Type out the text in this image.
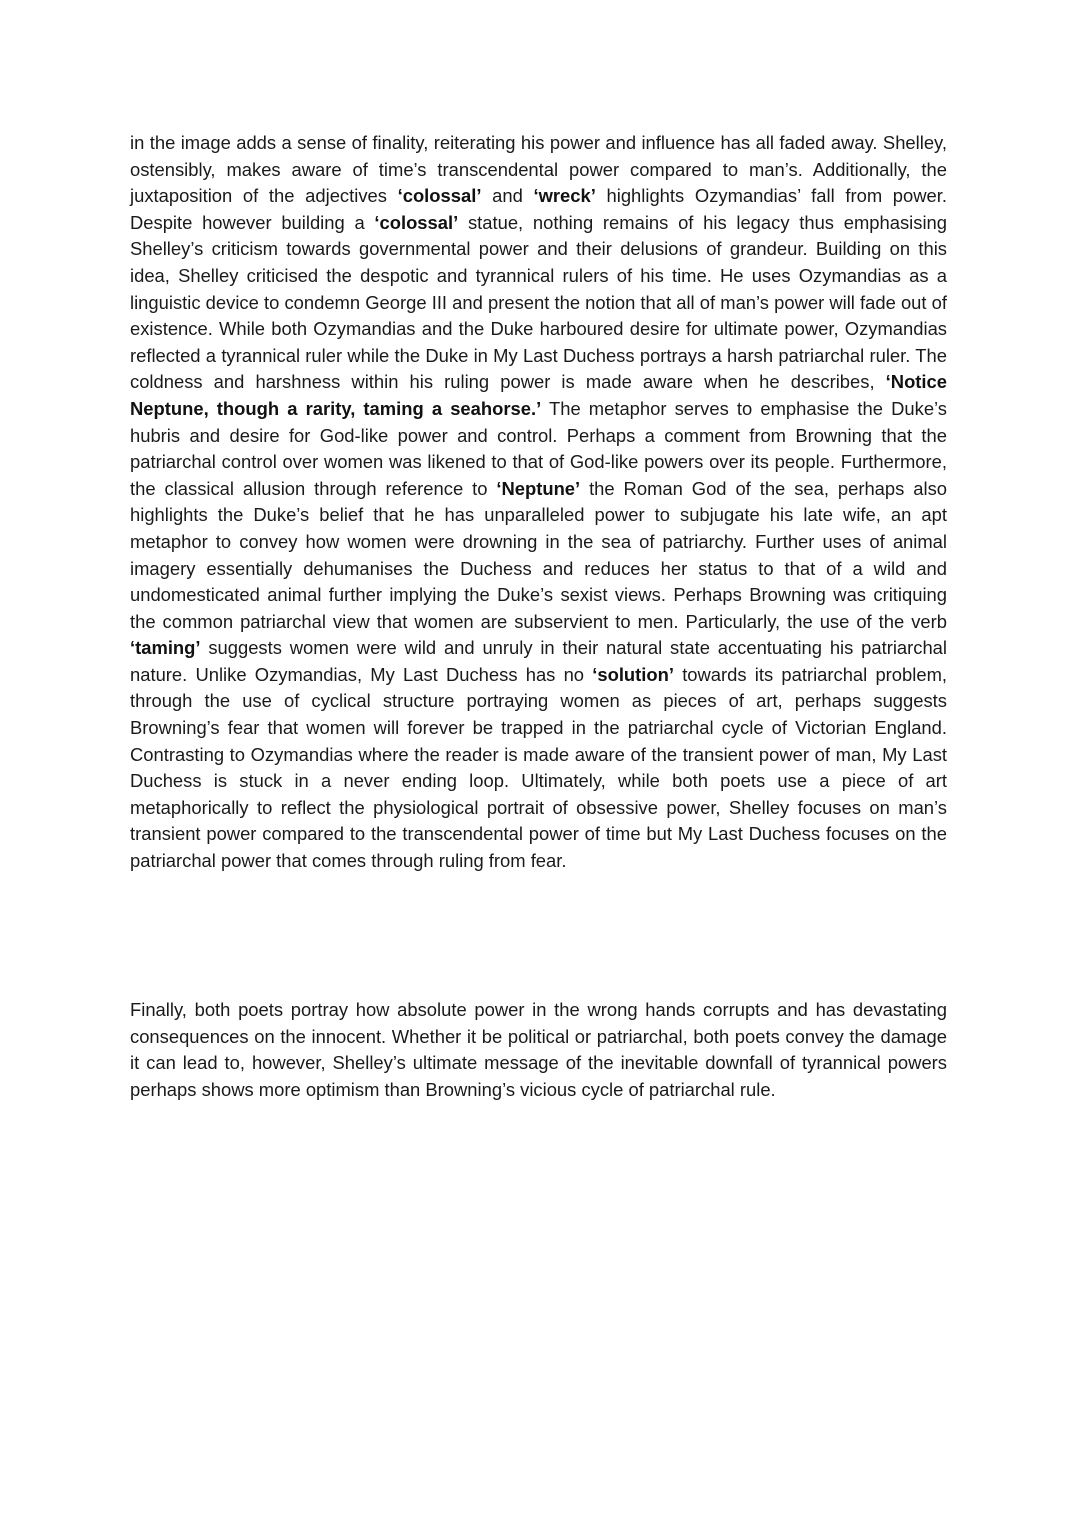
in the image adds a sense of finality, reiterating his power and influence has all faded away. Shelley, ostensibly, makes aware of time’s transcendental power compared to man’s. Additionally, the juxtaposition of the adjectives ‘colossal’ and ‘wreck’ highlights Ozymandias’ fall from power. Despite however building a ‘colossal’ statue, nothing remains of his legacy thus emphasising Shelley’s criticism towards governmental power and their delusions of grandeur. Building on this idea, Shelley criticised the despotic and tyrannical rulers of his time. He uses Ozymandias as a linguistic device to condemn George III and present the notion that all of man’s power will fade out of existence. While both Ozymandias and the Duke harboured desire for ultimate power, Ozymandias reflected a tyrannical ruler while the Duke in My Last Duchess portrays a harsh patriarchal ruler. The coldness and harshness within his ruling power is made aware when he describes, ‘Notice Neptune, though a rarity, taming a seahorse.’ The metaphor serves to emphasise the Duke’s hubris and desire for God-like power and control. Perhaps a comment from Browning that the patriarchal control over women was likened to that of God-like powers over its people. Furthermore, the classical allusion through reference to ‘Neptune’ the Roman God of the sea, perhaps also highlights the Duke’s belief that he has unparalleled power to subjugate his late wife, an apt metaphor to convey how women were drowning in the sea of patriarchy. Further uses of animal imagery essentially dehumanises the Duchess and reduces her status to that of a wild and undomesticated animal further implying the Duke’s sexist views. Perhaps Browning was critiquing the common patriarchal view that women are subservient to men. Particularly, the use of the verb ‘taming’ suggests women were wild and unruly in their natural state accentuating his patriarchal nature. Unlike Ozymandias, My Last Duchess has no ‘solution’ towards its patriarchal problem, through the use of cyclical structure portraying women as pieces of art, perhaps suggests Browning’s fear that women will forever be trapped in the patriarchal cycle of Victorian England. Contrasting to Ozymandias where the reader is made aware of the transient power of man, My Last Duchess is stuck in a never ending loop. Ultimately, while both poets use a piece of art metaphorically to reflect the physiological portrait of obsessive power, Shelley focuses on man’s transient power compared to the transcendental power of time but My Last Duchess focuses on the patriarchal power that comes through ruling from fear.

Finally, both poets portray how absolute power in the wrong hands corrupts and has devastating consequences on the innocent. Whether it be political or patriarchal, both poets convey the damage it can lead to, however, Shelley’s ultimate message of the inevitable downfall of tyrannical powers perhaps shows more optimism than Browning’s vicious cycle of patriarchal rule.
